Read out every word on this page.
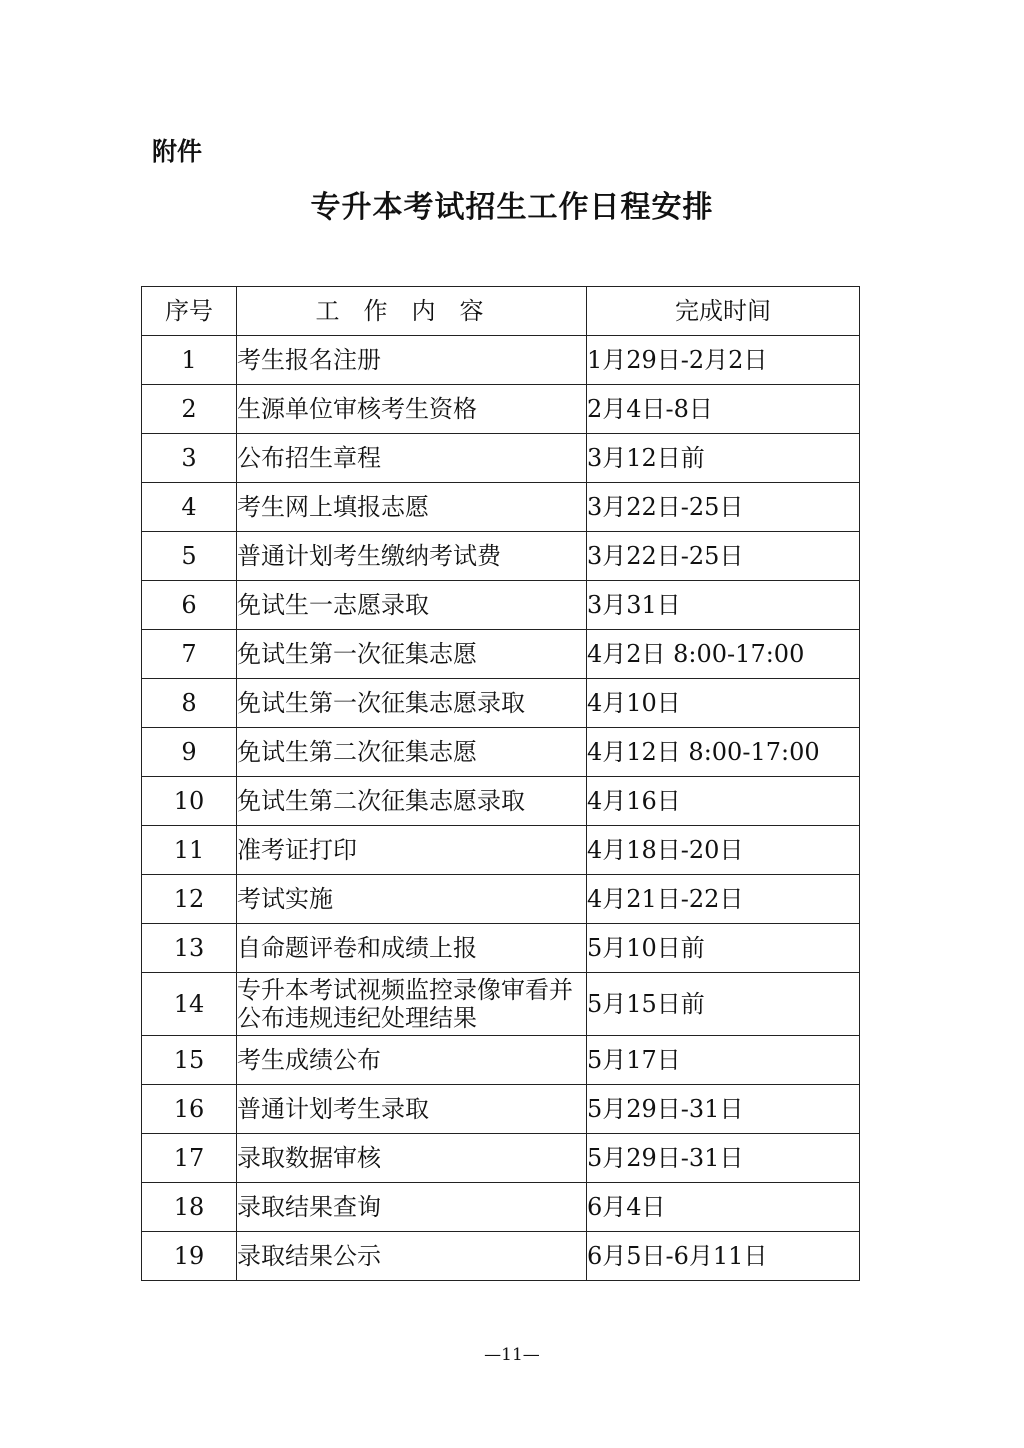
附件
专升本考试招生工作日程安排
序号	工作内容	完成时间
1	考生报名注册	1月29日-2月2日
2	生源单位审核考生资格	2月4日-8日
3	公布招生章程	3月12日前
4	考生网上填报志愿	3月22日-25日
5	普通计划考生缴纳考试费	3月22日-25日
6	免试生一志愿录取	3月31日
7	免试生第一次征集志愿	4月2日 8:00-17:00
8	免试生第一次征集志愿录取	4月10日
9	免试生第二次征集志愿	4月12日 8:00-17:00
10	免试生第二次征集志愿录取	4月16日
11	准考证打印	4月18日-20日
12	考试实施	4月21日-22日
13	自命题评卷和成绩上报	5月10日前
14	专升本考试视频监控录像审看并公布违规违纪处理结果	5月15日前
15	考生成绩公布	5月17日
16	普通计划考生录取	5月29日-31日
17	录取数据审核	5月29日-31日
18	录取结果查询	6月4日
19	录取结果公示	6月5日-6月11日
—11—
